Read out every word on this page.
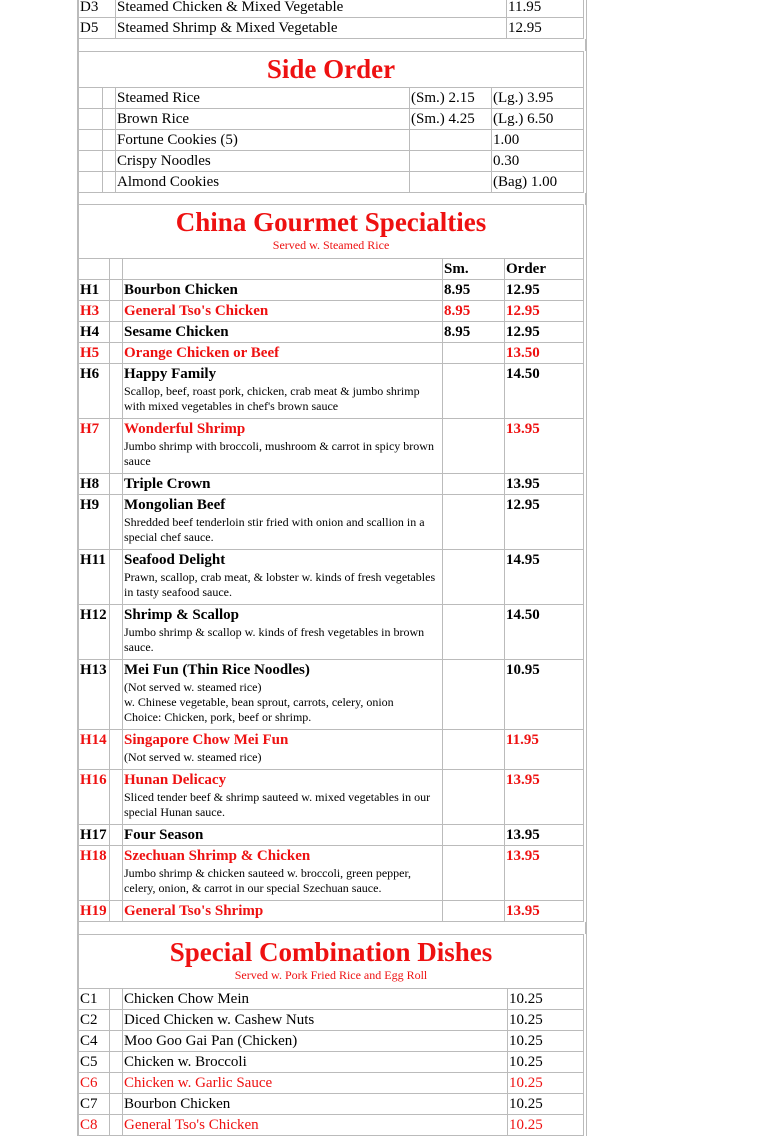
D3	Steamed Chicken & Mixed Vegetable	11.95
D5	Steamed Shrimp & Mixed Vegetable	12.95
Side Order				

		Steamed Rice	(Sm.) 2.15	(Lg.) 3.95
		Brown Rice	(Sm.) 4.25	(Lg.) 6.50
		Fortune Cookies (5)		1.00
		Crispy Noodles		0.30
		Almond Cookies		(Bag) 1.00
China Gourmet Specialties
Served w. Steamed Rice				

			Sm.	Order
H1		Bourbon Chicken	8.95	12.95
H3		General Tso's Chicken	8.95	12.95
H4		Sesame Chicken	8.95	12.95
H5		Orange Chicken or Beef		13.50
H6		Happy Family
Scallop, beef, roast pork, chicken, crab meat & jumbo shrimp with mixed vegetables in chef's brown sauce		14.50
H7		Wonderful Shrimp
Jumbo shrimp with broccoli, mushroom & carrot in spicy brown sauce		13.95
H8		Triple Crown		13.95
H9		Mongolian Beef
Shredded beef tenderloin stir fried with onion and scallion in a special chef sauce.		12.95
H11		Seafood Delight
Prawn, scallop, crab meat, & lobster w. kinds of fresh vegetables in tasty seafood sauce.		14.95
H12		Shrimp & Scallop
Jumbo shrimp & scallop w. kinds of fresh vegetables in brown sauce.		14.50
H13		Mei Fun (Thin Rice Noodles)
(Not served w. steamed rice)
w. Chinese vegetable, bean sprout, carrots, celery, onion
Choice: Chicken, pork, beef or shrimp.		10.95
H14		Singapore Chow Mei Fun
(Not served w. steamed rice)		11.95
H16		Hunan Delicacy
Sliced tender beef & shrimp sauteed w. mixed vegetables in our special Hunan sauce.		13.95
H17		Four Season		13.95
H18		Szechuan Shrimp & Chicken
Jumbo shrimp & chicken sauteed w. broccoli, green pepper, celery, onion, & carrot in our special Szechuan sauce.		13.95
H19		General Tso's Shrimp		13.95
Special Combination Dishes
Served w. Pork Fried Rice and Egg Roll			

C1		Chicken Chow Mein	10.25
C2		Diced Chicken w. Cashew Nuts	10.25
C4		Moo Goo Gai Pan (Chicken)	10.25
C5		Chicken w. Broccoli	10.25
C6		Chicken w. Garlic Sauce	10.25
C7		Bourbon Chicken	10.25
C8		General Tso's Chicken	10.25
